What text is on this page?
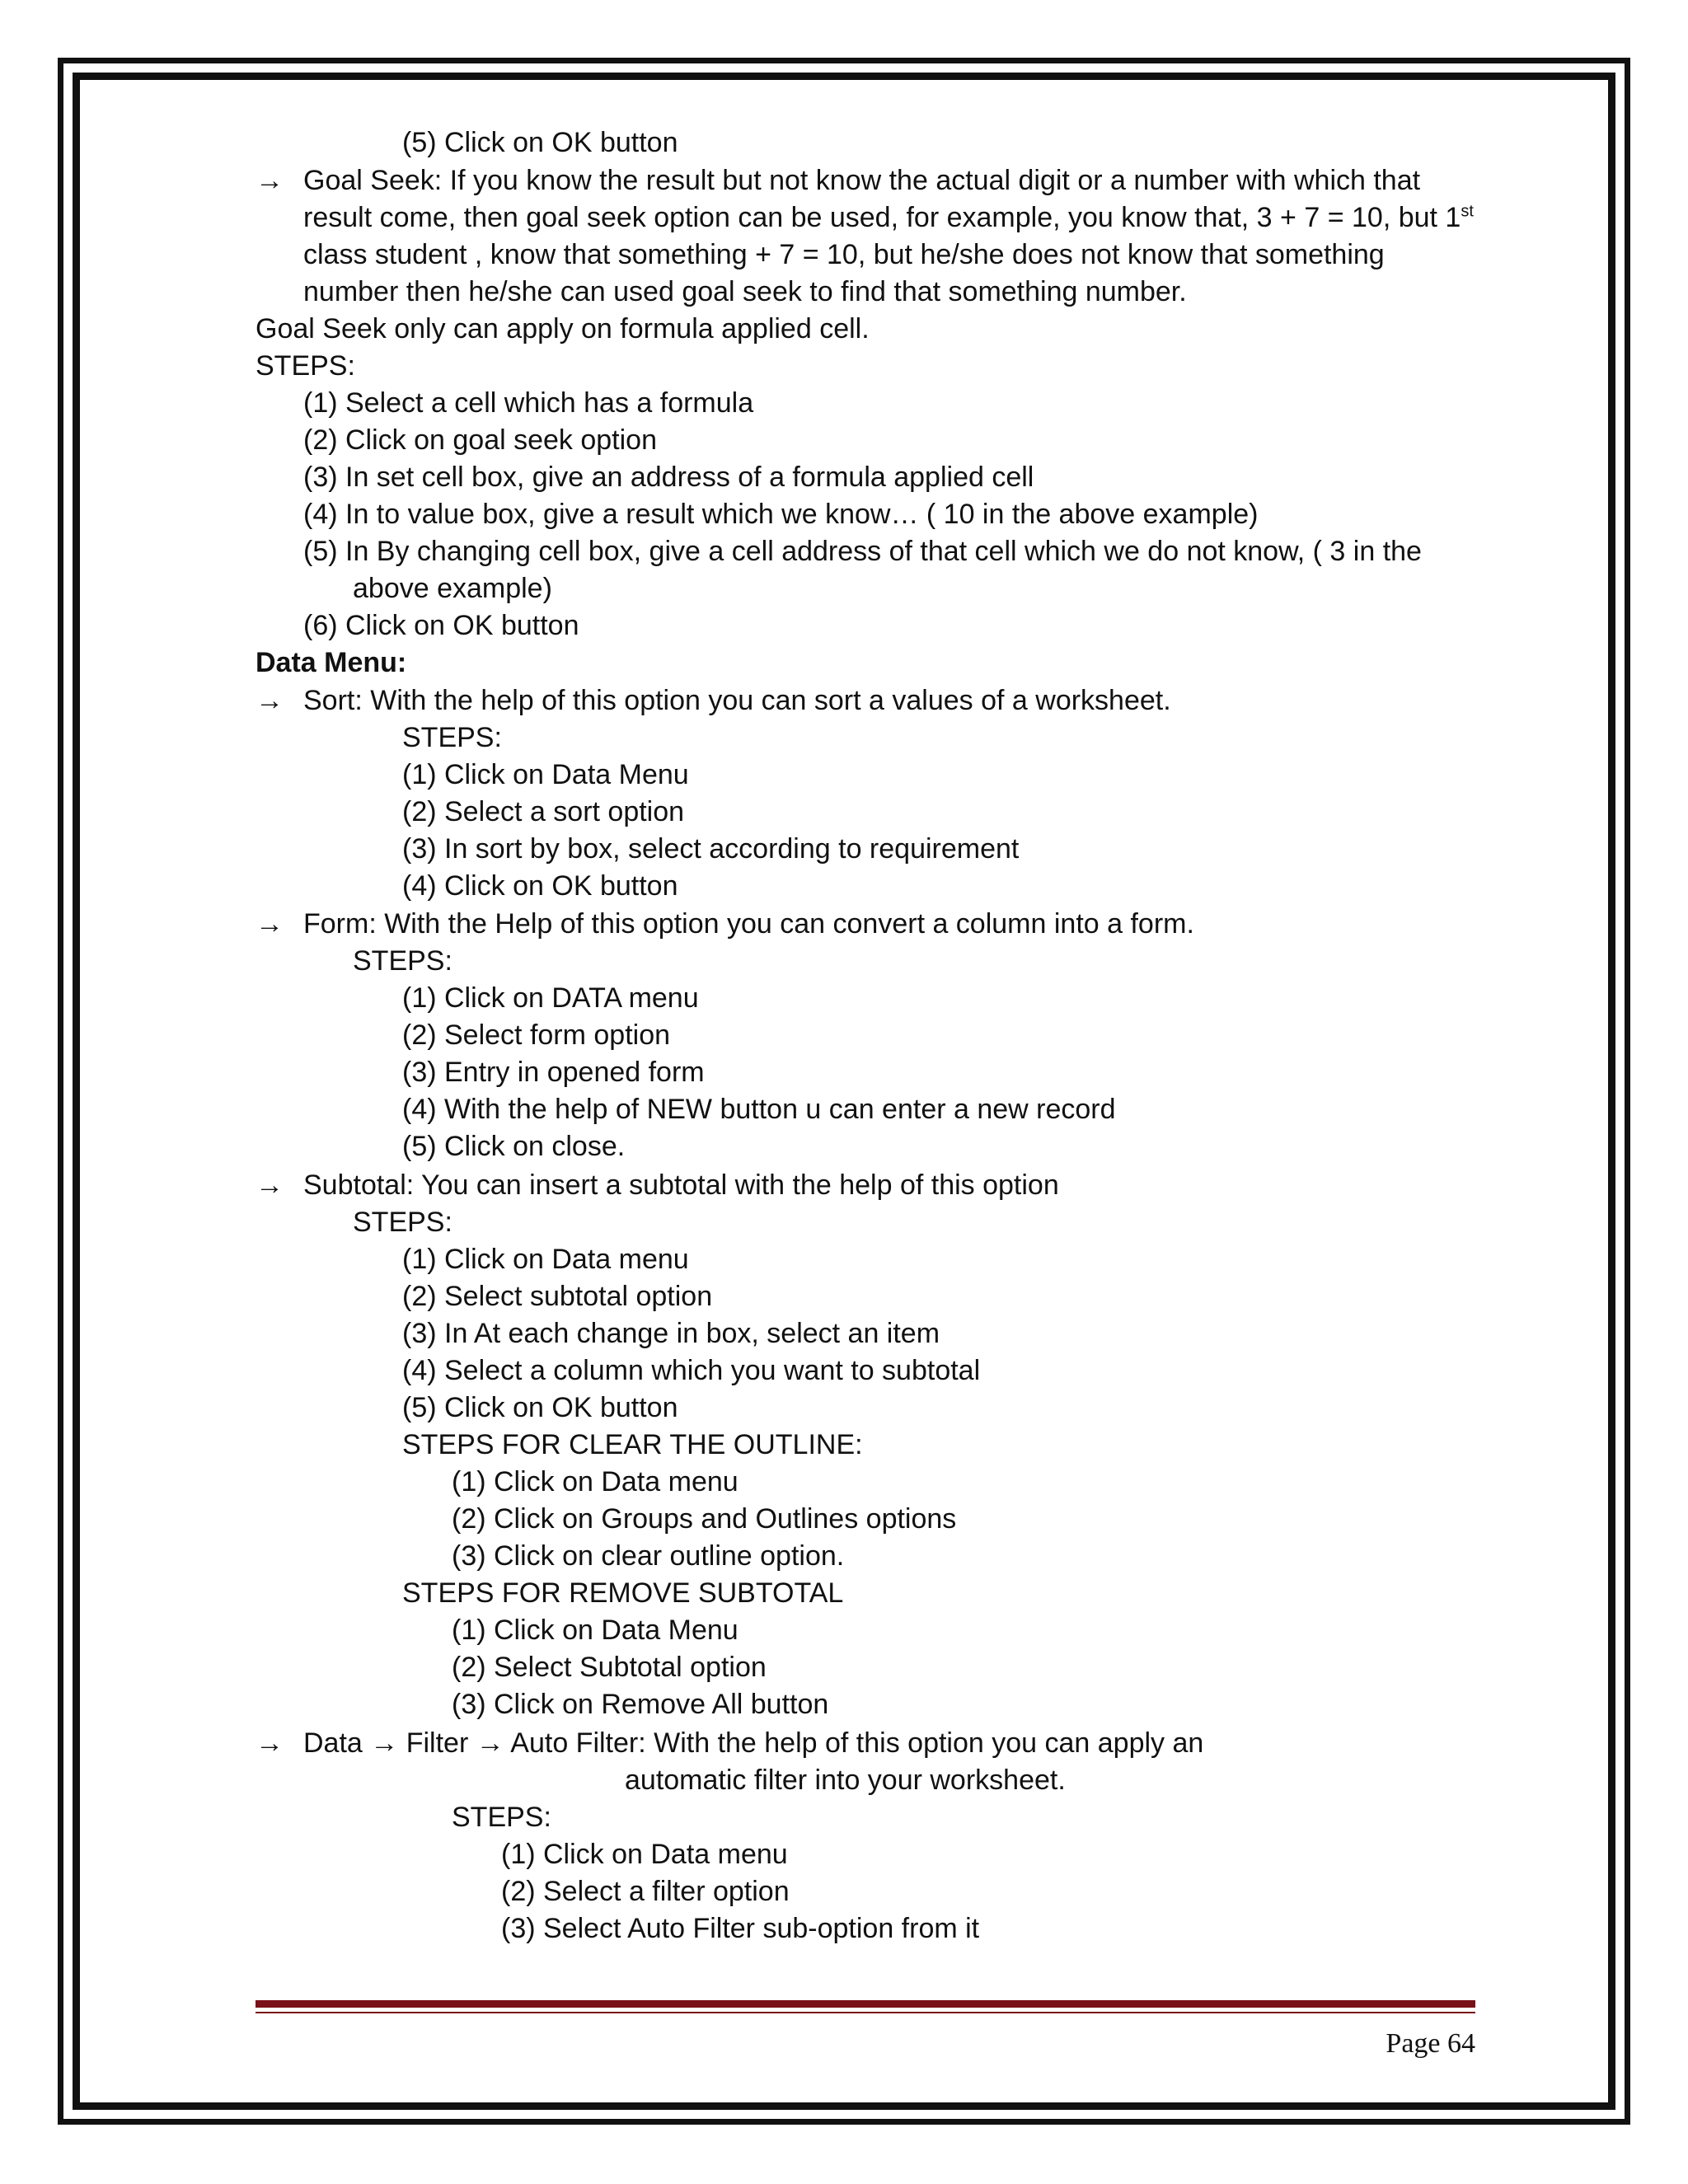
(5) Click on OK button
→ Goal Seek: If you know the result but not know the actual digit or a number with which that
result come, then goal seek option can be used, for example, you know that, 3 + 7 = 10, but 1st
class student , know that something + 7 = 10, but he/she does not know that something
number then he/she can used goal seek to find that something number.
Goal Seek only can apply on formula applied cell.
STEPS:
(1) Select a cell which has a formula
(2) Click on goal seek option
(3) In set cell box, give an address of a formula applied cell
(4) In to value box, give a result which we know… ( 10 in the above example)
(5) In By changing cell box, give a cell address of that cell which we do not know, ( 3 in the
above example)
(6) Click on OK button
Data Menu:
→ Sort: With the help of this option you can sort a values of a worksheet.
STEPS:
(1) Click on Data Menu
(2) Select a sort option
(3) In sort by box, select according to requirement
(4) Click on OK button
→ Form: With the Help of this option you can convert a column into a form.
STEPS:
(1) Click on DATA menu
(2) Select form option
(3) Entry in opened form
(4) With the help of NEW button u can enter a new record
(5) Click on close.
→ Subtotal: You can insert a subtotal with the help of this option
STEPS:
(1) Click on Data menu
(2) Select subtotal option
(3) In At each change in box, select an item
(4) Select a column which you want to subtotal
(5) Click on OK button
STEPS FOR CLEAR THE OUTLINE:
(1) Click on Data menu
(2) Click on Groups and Outlines options
(3) Click on clear outline option.
STEPS FOR REMOVE SUBTOTAL
(1) Click on Data Menu
(2) Select Subtotal option
(3) Click on Remove All button
→ Data → Filter → Auto Filter: With the help of this option you can apply an
automatic filter into your worksheet.
STEPS:
(1) Click on Data menu
(2) Select a filter option
(3) Select Auto Filter sub-option from it
Page 64
